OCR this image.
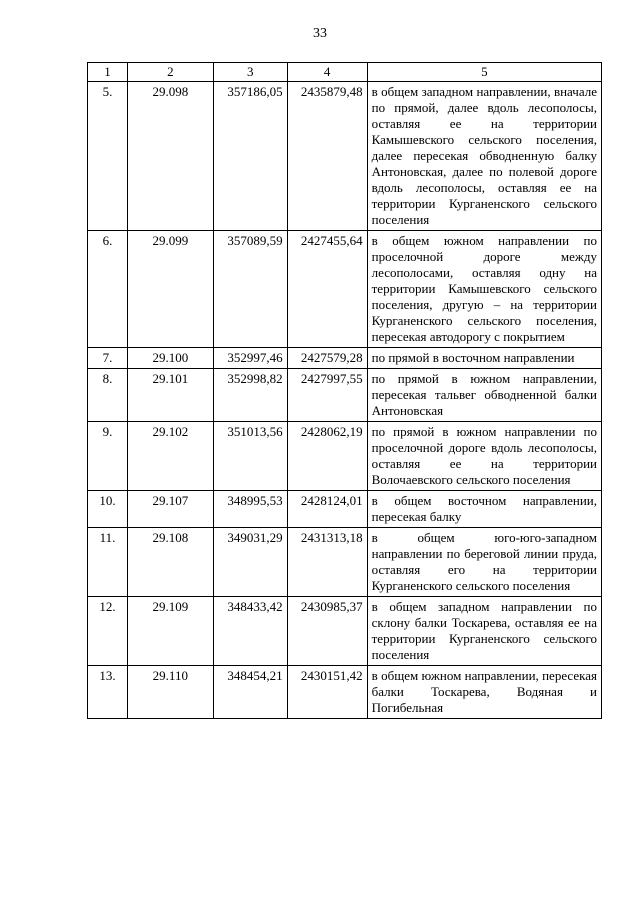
33
1	2	3	4	5
5.	29.098	357186,05	2435879,48	в общем западном направлении, вначале по прямой, далее вдоль лесополосы, оставляя ее на территории Камышевского сельского поселения, далее пересекая обводненную балку Антоновская, далее по полевой дороге вдоль лесополосы, оставляя ее на территории Курганенского сельского поселения
6.	29.099	357089,59	2427455,64	в общем южном направлении по проселочной дороге между лесополосами, оставляя одну на территории Камышевского сельского поселения, другую – на территории Курганенского сельского поселения, пересекая автодорогу с покрытием
7.	29.100	352997,46	2427579,28	по прямой в восточном направлении
8.	29.101	352998,82	2427997,55	по прямой в южном направлении, пересекая тальвег обводненной балки Антоновская
9.	29.102	351013,56	2428062,19	по прямой в южном направлении по проселочной дороге вдоль лесополосы, оставляя ее на территории Волочаевского сельского поселения
10.	29.107	348995,53	2428124,01	в общем восточном направлении, пересекая балку
11.	29.108	349031,29	2431313,18	в общем юго-юго-западном направлении по береговой линии пруда, оставляя его на территории Курганенского сельского поселения
12.	29.109	348433,42	2430985,37	в общем западном направлении по склону балки Тоскарева, оставляя ее на территории Курганенского сельского поселения
13.	29.110	348454,21	2430151,42	в общем южном направлении, пересекая балки Тоскарева, Водяная и Погибельная
